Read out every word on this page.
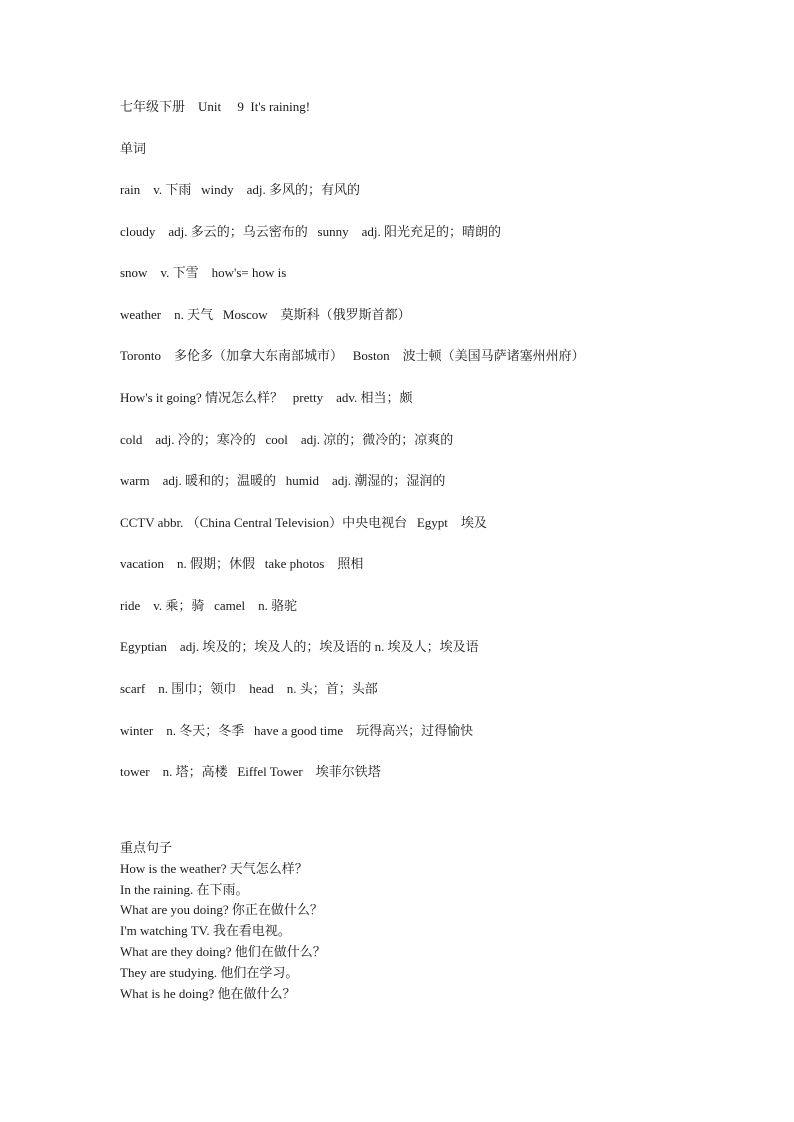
七年级下册    Unit     9  It's raining!
单词
rain    v. 下雨   windy    adj. 多风的；有风的
cloudy    adj. 多云的；乌云密布的   sunny    adj. 阳光充足的；晴朗的
snow    v. 下雪    how's= how is
weather    n. 天气   Moscow    莫斯科（俄罗斯首都）
Toronto    多伦多（加拿大东南部城市）   Boston    波士顿（美国马萨诸塞州州府）
How's it going? 情况怎么样？   pretty    adv. 相当；颇
cold    adj. 冷的；寒冷的   cool    adj. 凉的；微冷的；凉爽的
warm    adj. 暖和的；温暖的   humid    adj. 潮湿的；湿润的
CCTV abbr. （China Central Television）中央电视台   Egypt    埃及
vacation    n. 假期；休假   take photos    照相
ride    v. 乘；骑   camel    n. 骆驼
Egyptian    adj. 埃及的；埃及人的；埃及语的 n. 埃及人；埃及语
scarf    n. 围巾；领巾    head    n. 头；首；头部
winter    n. 冬天；冬季   have a good time    玩得高兴；过得愉快
tower    n. 塔；高楼   Eiffel Tower    埃菲尔铁塔
重点句子
How is the weather? 天气怎么样？
In the raining. 在下雨。
What are you doing? 你正在做什么？
I'm watching TV. 我在看电视。
What are they doing? 他们在做什么？
They are studying. 他们在学习。
What is he doing? 他在做什么？
